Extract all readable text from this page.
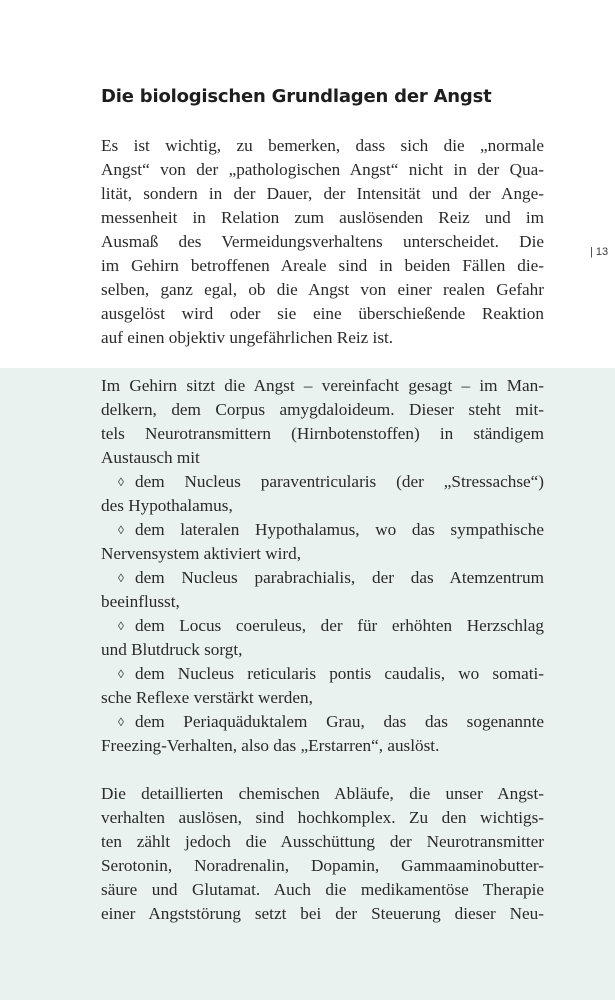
Die biologischen Grundlagen der Angst
| 13
Es ist wichtig, zu bemerken, dass sich die „normale
Angst“ von der „pathologischen Angst“ nicht in der Qua-
lität, sondern in der Dauer, der Intensität und der Ange-
messenheit in Relation zum auslösenden Reiz und im
Ausmaß des Vermeidungsverhaltens unterscheidet. Die
im Gehirn betroffenen Areale sind in beiden Fällen die-
selben, ganz egal, ob die Angst von einer realen Gefahr
ausgelöst wird oder sie eine überschießende Reaktion
auf einen objektiv ungefährlichen Reiz ist.
Im Gehirn sitzt die Angst – vereinfacht gesagt – im Man-
delkern, dem Corpus amygdaloideum. Dieser steht mit-
tels Neurotransmittern (Hirnbotenstoffen) in ständigem
Austausch mit
◊ dem Nucleus paraventricularis (der „Stressachse“)
des Hypothalamus,
◊ dem lateralen Hypothalamus, wo das sympathische
Nervensystem aktiviert wird,
◊ dem Nucleus parabrachialis, der das Atemzentrum
beeinflusst,
◊ dem Locus coeruleus, der für erhöhten Herzschlag
und Blutdruck sorgt,
◊ dem Nucleus reticularis pontis caudalis, wo somati-
sche Reflexe verstärkt werden,
◊ dem Periaquäduktalem Grau, das das sogenannte
Freezing-Verhalten, also das „Erstarren“, auslöst.
Die detaillierten chemischen Abläufe, die unser Angst-
verhalten auslösen, sind hochkomplex. Zu den wichtigs-
ten zählt jedoch die Ausschüttung der Neurotransmitter
Serotonin, Noradrenalin, Dopamin, Gammaaminobutter-
säure und Glutamat. Auch die medikamentöse Therapie
einer Angststörung setzt bei der Steuerung dieser Neu-
